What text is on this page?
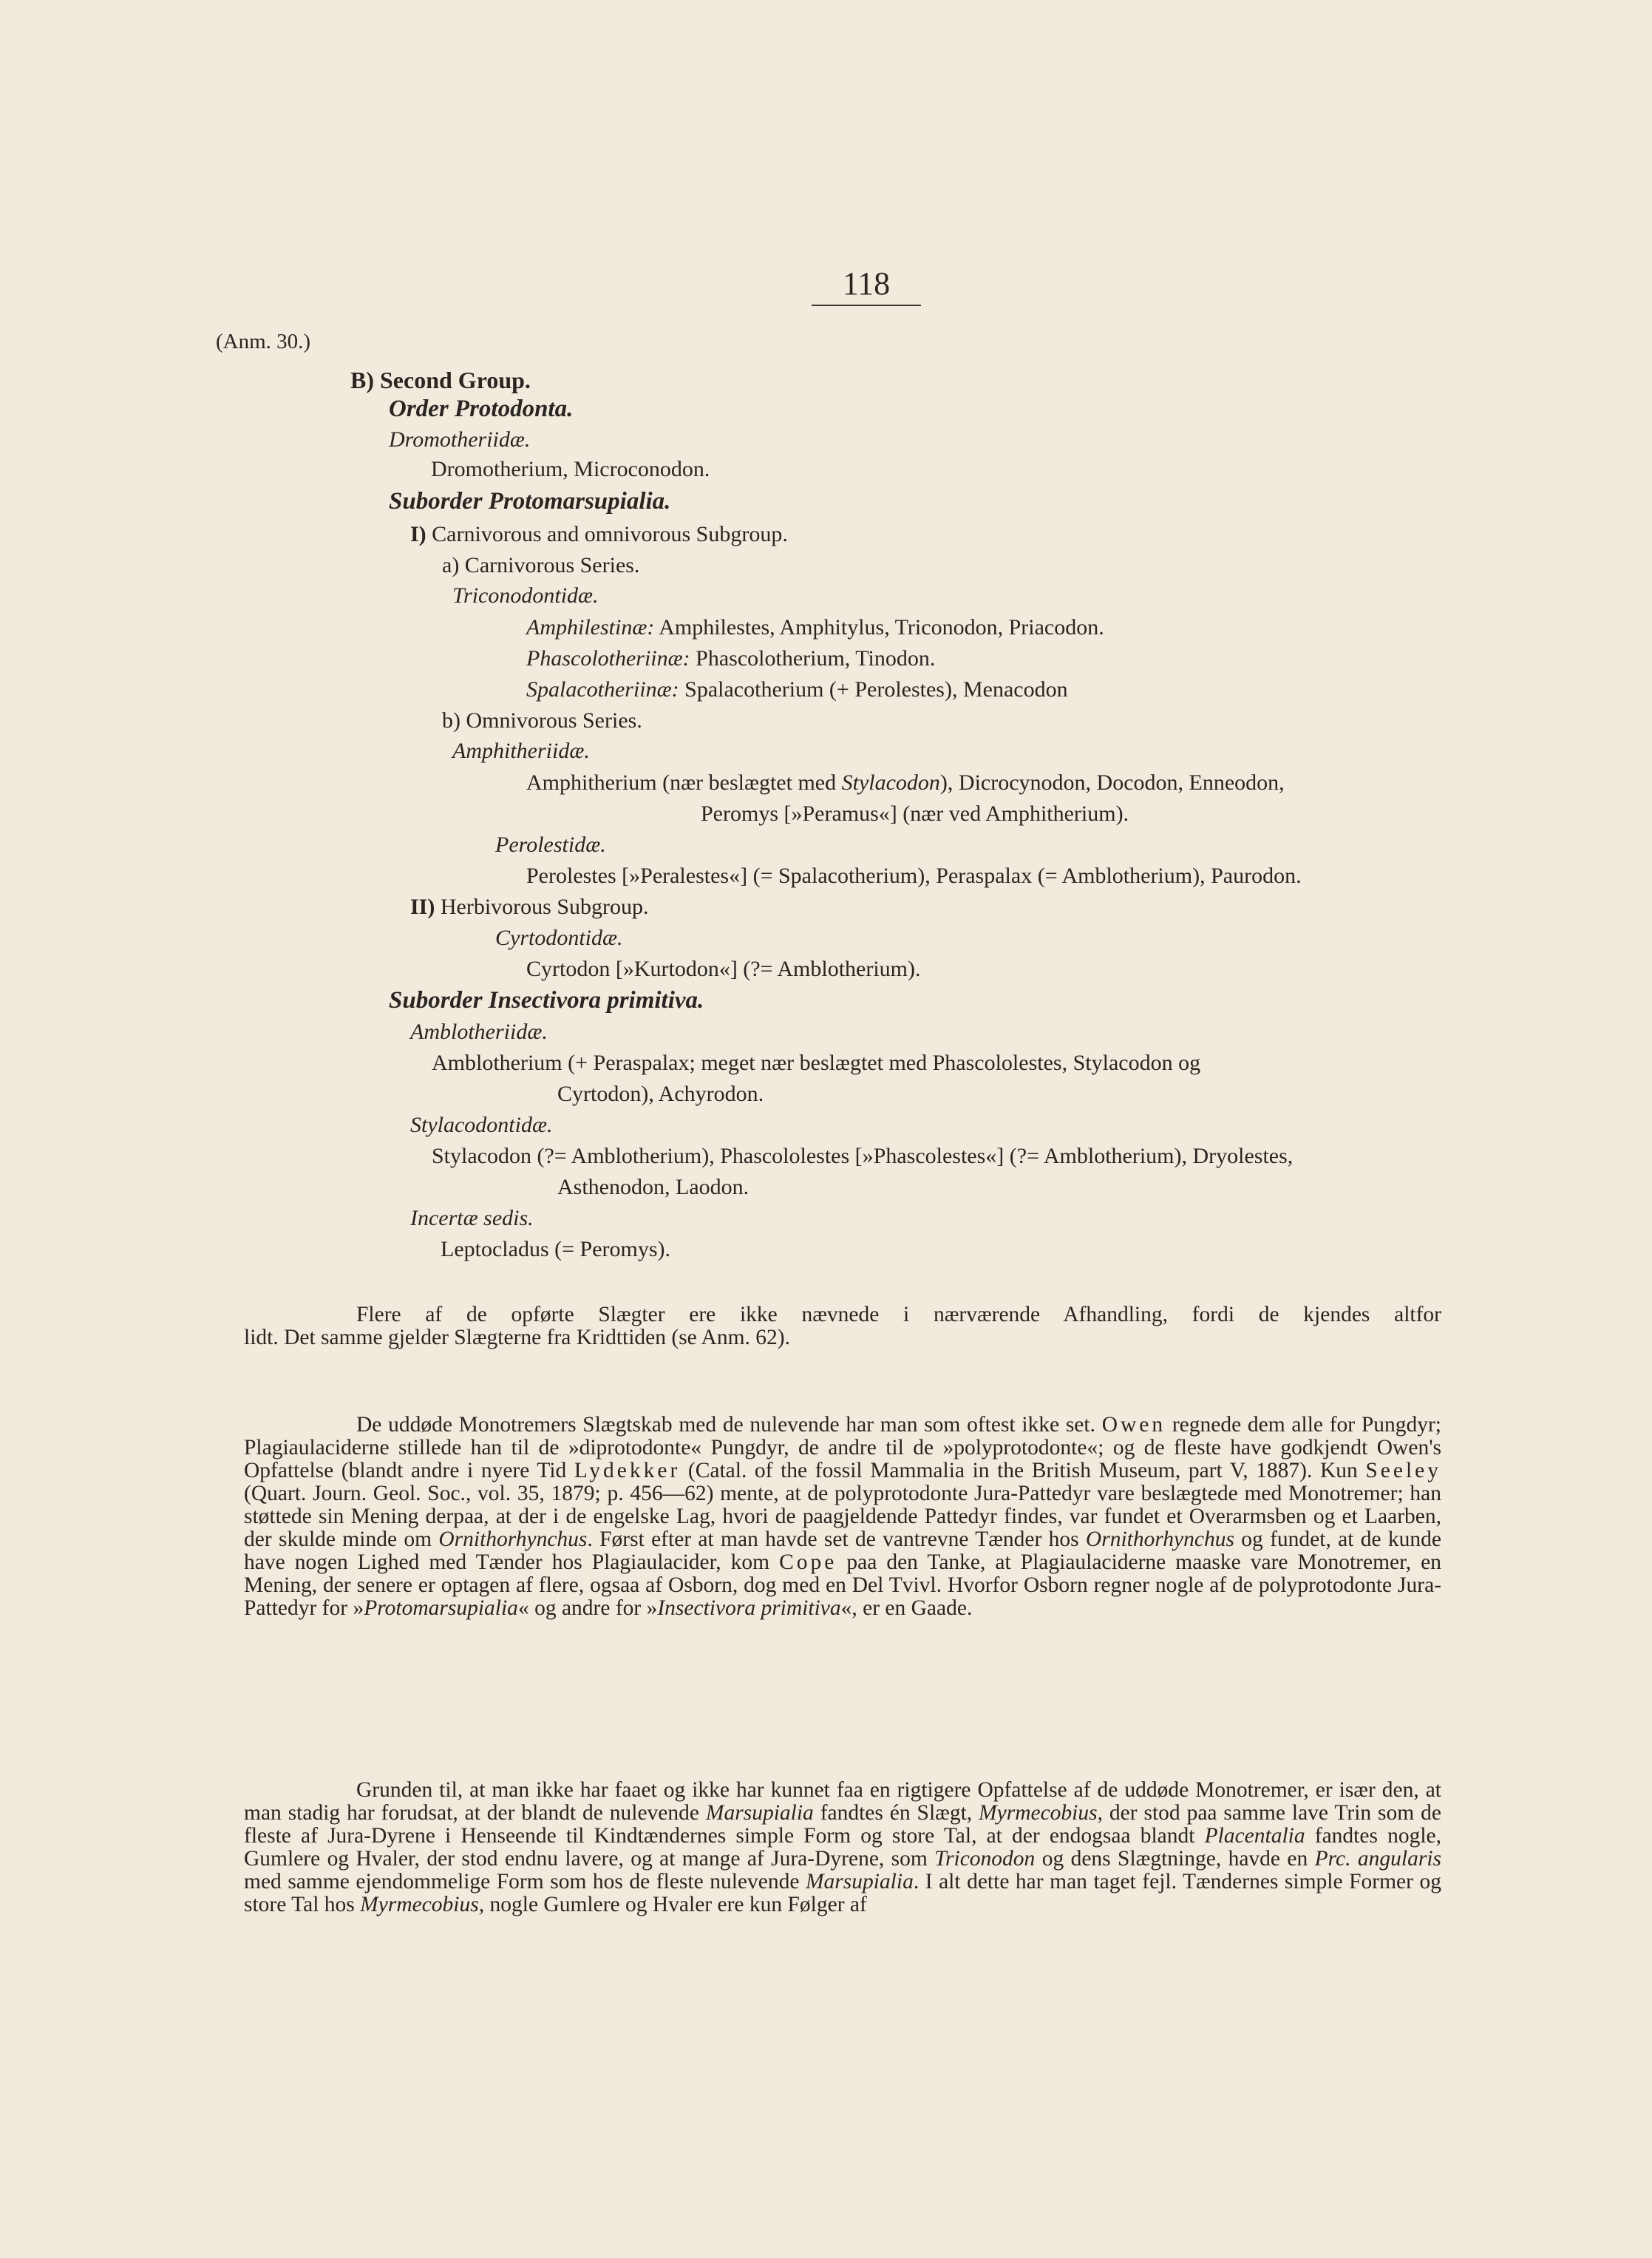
118
(Anm. 30.)
B) Second Group.
Order Protodonta.
Dromotheriidæ.
Dromotherium, Microconodon.
Suborder Protomarsupialia.
I) Carnivorous and omnivorous Subgroup.
a) Carnivorous Series.
Triconodontidæ.
Amphilestinæ: Amphilestes, Amphitylus, Triconodon, Priacodon.
Phascolotheriinæ: Phascolotherium, Tinodon.
Spalacotheriinæ: Spalacotherium (+ Perolestes), Menacodon
b) Omnivorous Series.
Amphitheriidæ.
Amphitherium (nær beslægtet med Stylacodon), Dicrocynodon, Docodon, Enneodon,
Peromys [»Peramus«] (nær ved Amphitherium).
Perolestidæ.
Perolestes [»Peralestes«] (= Spalacotherium), Peraspalax (= Amblotherium), Paurodon.
II) Herbivorous Subgroup.
Cyrtodontidæ.
Cyrtodon [»Kurtodon«] (?= Amblotherium).
Suborder Insectivora primitiva.
Amblotheriidæ.
Amblotherium (+ Peraspalax; meget nær beslægtet med Phascololestes, Stylacodon og
Cyrtodon), Achyrodon.
Stylacodontidæ.
Stylacodon (?= Amblotherium), Phascololestes [»Phascolestes«] (?= Amblotherium), Dryolestes,
Asthenodon, Laodon.
Incertæ sedis.
Leptocladus (= Peromys).

Flere af de opførte Slægter ere ikke nævnede i nærværende Afhandling, fordi de kjendes altfor

lidt. Det samme gjelder Slægterne fra Kridttiden (se Anm. 62).

De uddøde Monotremers Slægtskab med de nulevende har man som oftest ikke set. Owen regnede dem alle for Pungdyr; Plagiaulaciderne stillede han til de »diprotodonte« Pungdyr, de andre til de »polyprotodonte«; og de fleste have godkjendt Owen's Opfattelse (blandt andre i nyere Tid Lydekker (Catal. of the fossil Mammalia in the British Museum, part V, 1887). Kun Seeley (Quart. Journ. Geol. Soc., vol. 35, 1879; p. 456—62) mente, at de polyprotodonte Jura-Pattedyr vare beslægtede med Monotremer; han støttede sin Mening derpaa, at der i de engelske Lag, hvori de paagjeldende Pattedyr findes, var fundet et Overarmsben og et Laarben, der skulde minde om Ornithorhynchus. Først efter at man havde set de vantrevne Tænder hos Ornithorhynchus og fundet, at de kunde have nogen Lighed med Tænder hos Plagiaulacider, kom Cope paa den Tanke, at Plagiaulaciderne maaske vare Monotremer, en Mening, der senere er optagen af flere, ogsaa af Osborn, dog med en Del Tvivl. Hvorfor Osborn regner nogle af de polyprotodonte Jura-Pattedyr for »Protomarsupialia« og andre for »Insectivora primitiva«, er en Gaade.

Grunden til, at man ikke har faaet og ikke har kunnet faa en rigtigere Opfattelse af de uddøde Monotremer, er især den, at man stadig har forudsat, at der blandt de nulevende Marsupialia fandtes én Slægt, Myrmecobius, der stod paa samme lave Trin som de fleste af Jura-Dyrene i Henseende til Kindtændernes simple Form og store Tal, at der endogsaa blandt Placentalia fandtes nogle, Gumlere og Hvaler, der stod endnu lavere, og at mange af Jura-Dyrene, som Triconodon og dens Slægtninge, havde en Prc. angularis med samme ejendommelige Form som hos de fleste nulevende Marsupialia. I alt dette har man taget fejl. Tændernes simple Former og store Tal hos Myrmecobius, nogle Gumlere og Hvaler ere kun Følger af
